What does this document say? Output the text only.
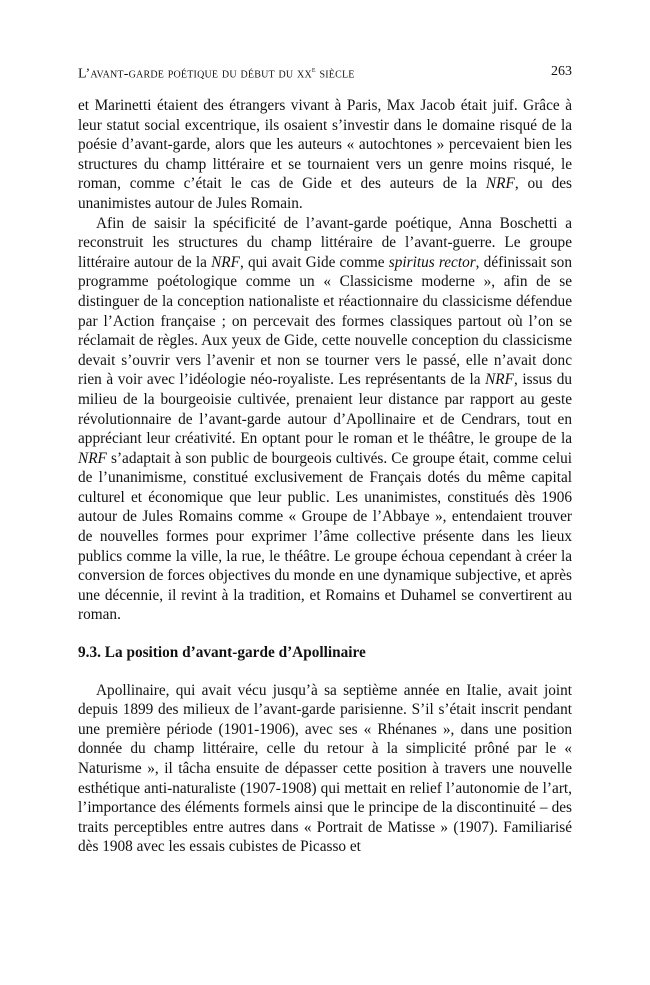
L’avant-garde poétique du début du $xx^e$ siècle	263

et Marinetti étaient des étrangers vivant à Paris, Max Jacob était juif. Grâce à leur statut social excentrique, ils osaient s’investir dans le domaine risqué de la poésie d’avant-garde, alors que les auteurs « autochtones » percevaient bien les structures du champ littéraire et se tournaient vers un genre moins risqué, le roman, comme c’était le cas de Gide et des auteurs de la NRF, ou des unanimistes autour de Jules Romain.

Afin de saisir la spécificité de l’avant-garde poétique, Anna Boschetti a reconstruit les structures du champ littéraire de l’avant-guerre. Le groupe littéraire autour de la NRF, qui avait Gide comme spiritus rector, définissait son programme poétologique comme un « Classicisme moderne », afin de se distinguer de la conception nationaliste et réactionnaire du classicisme défendue par l’Action française ; on percevait des formes classiques partout où l’on se réclamait de règles. Aux yeux de Gide, cette nouvelle conception du classicisme devait s’ouvrir vers l’avenir et non se tourner vers le passé, elle n’avait donc rien à voir avec l’idéologie néo-royaliste. Les représentants de la NRF, issus du milieu de la bourgeoisie cultivée, prenaient leur distance par rapport au geste révolutionnaire de l’avant-garde autour d’Apollinaire et de Cendrars, tout en appréciant leur créativité. En optant pour le roman et le théâtre, le groupe de la NRF s’adaptait à son public de bourgeois cultivés. Ce groupe était, comme celui de l’unanimisme, constitué exclusivement de Français dotés du même capital culturel et économique que leur public. Les unanimistes, constitués dès 1906 autour de Jules Romains comme « Groupe de l’Abbaye », entendaient trouver de nouvelles formes pour exprimer l’âme collective présente dans les lieux publics comme la ville, la rue, le théâtre. Le groupe échoua cependant à créer la conversion de forces objectives du monde en une dynamique subjective, et après une décennie, il revint à la tradition, et Romains et Duhamel se convertirent au roman.

9.3. La position d’avant-garde d’Apollinaire

Apollinaire, qui avait vécu jusqu’à sa septième année en Italie, avait joint depuis 1899 des milieux de l’avant-garde parisienne. S’il s’était inscrit pendant une première période (1901-1906), avec ses « Rhénanes », dans une position donnée du champ littéraire, celle du retour à la simplicité prôné par le « Naturisme », il tâcha ensuite de dépasser cette position à travers une nouvelle esthétique anti-naturaliste (1907-1908) qui mettait en relief l’autonomie de l’art, l’importance des éléments formels ainsi que le principe de la discontinuité – des traits perceptibles entre autres dans « Portrait de Matisse » (1907). Familiarisé dès 1908 avec les essais cubistes de Picasso et
